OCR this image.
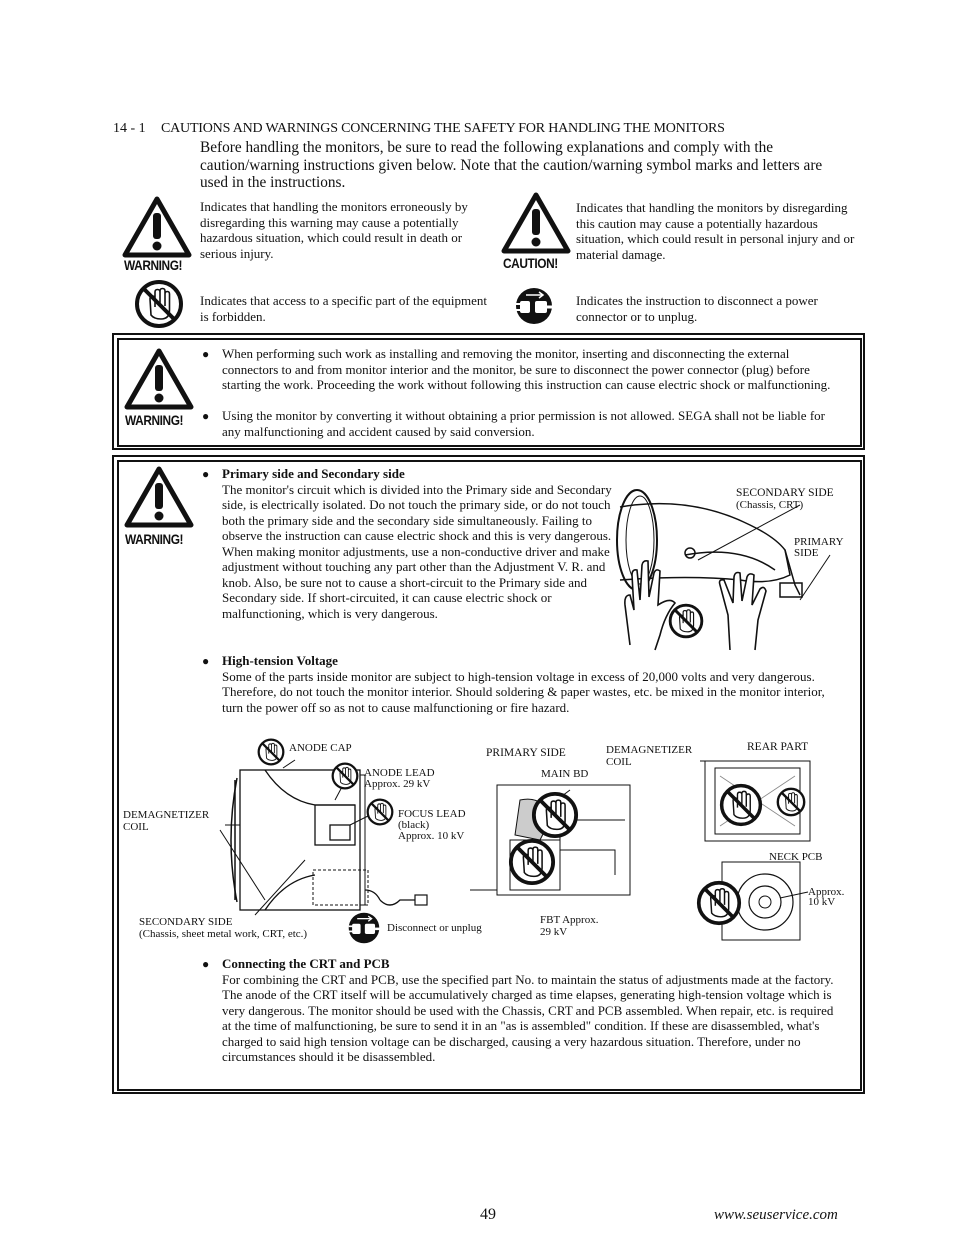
14 - 1 CAUTIONS AND WARNINGS CONCERNING THE SAFETY FOR HANDLING THE MONITORS
Before handling the monitors, be sure to read the following explanations and comply with the caution/warning instructions given below. Note that the caution/warning symbol marks and letters are used in the instructions.
WARNING!
Indicates that handling the monitors erroneously by disregarding this warning may cause a potentially hazardous situation, which could result in death or serious injury.
CAUTION!
Indicates that handling the monitors by disregarding this caution may cause a potentially hazardous situation, which could result in personal injury and or material damage.
Indicates that access to a specific part of the equipment is forbidden.
Indicates the instruction to disconnect a power connector or to unplug.
WARNING!
●
When performing such work as installing and removing the monitor, inserting and disconnecting the external connectors to and from monitor interior and the monitor, be sure to disconnect the power connector (plug) before starting the work. Proceeding the work without following this instruction can cause electric shock or malfunctioning.
●
Using the monitor by converting it without obtaining a prior permission is not allowed. SEGA shall not be liable for any malfunctioning and accident caused by said conversion.
WARNING!
●
Primary side and Secondary side
The monitor's circuit which is divided into the Primary side and Secondary side, is electrically isolated. Do not touch the primary side, or do not touch both the primary side and the secondary side simultaneously. Failing to observe the instruction can cause electric shock and this is very dangerous. When making monitor adjustments, use a non-conductive driver and make adjustment without touching any part other than the Adjustment V. R. and knob. Also, be sure not to cause a short-circuit to the Primary side and Secondary side. If short-circuited, it can cause electric shock or malfunctioning, which is very dangerous.
●
High-tension Voltage
Some of the parts inside monitor are subject to high-tension voltage in excess of 20,000 volts and very dangerous. Therefore, do not touch the monitor interior. Should soldering & paper wastes, etc. be mixed in the monitor interior, turn the power off so as not to cause malfunctioning or fire hazard.
●
Connecting the CRT and PCB
For combining the CRT and PCB, use the specified part No. to maintain the status of adjustments made at the factory. The anode of the CRT itself will be accumulatively charged as time elapses, generating high-tension voltage which is very dangerous. The monitor should be used with the Chassis, CRT and PCB assembled. When repair, etc. is required at the time of malfunctioning, be sure to send it in an "as is assembled" condition. If these are disassembled, what's charged to said high tension voltage can be discharged, causing a very hazardous situation. Therefore, under no circumstances should it be disassembled.
SECONDARY SIDE
(Chassis, CRT)
PRIMARY
SIDE
ANODE CAP
ANODE LEAD
Approx. 29 kV
FOCUS LEAD
(black)
Approx. 10 kV
DEMAGNETIZER
COIL
SECONDARY SIDE
(Chassis, sheet metal work, CRT, etc.)	Disconnect or unplug
PRIMARY SIDE
MAIN BD
DEMAGNETIZER
COIL
FBT Approx.
29 kV
REAR PART
NECK PCB
Approx.
10 kV
49	www.seuservice.com
